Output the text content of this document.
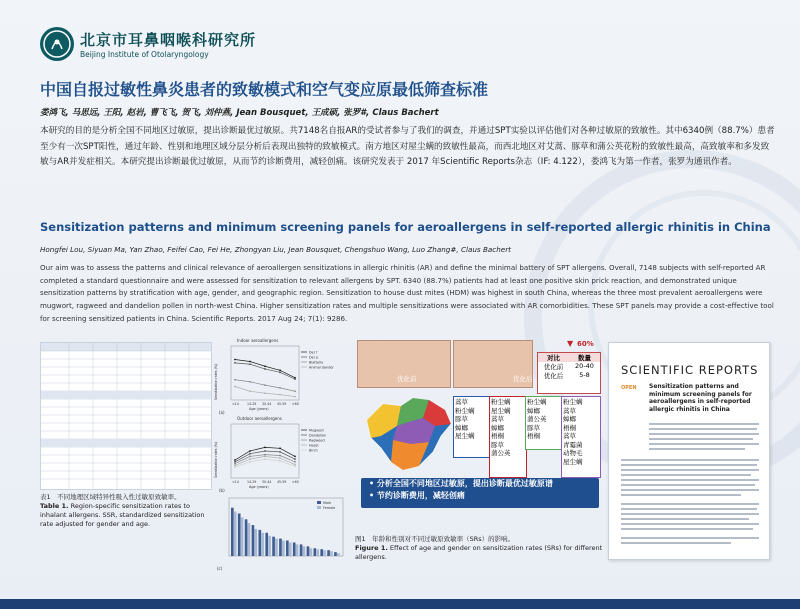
北京市耳鼻咽喉科研究所
Beijing Institute of Otolaryngology
中国自报过敏性鼻炎患者的致敏模式和空气变应原最低筛查标准
娄鸿飞, 马思远, 王阳, 赵岩, 曹飞飞, 贺飞, 刘仲燕, Jean Bousquet, 王成硕, 张罗#, Claus Bachert
本研究的目的是分析全国不同地区过敏原，提出诊断最优过敏原。共7148名自报AR的受试者参与了我们的调查，并通过SPT实验以评估他们对各种过敏原的致敏性。其中6340例（88.7%）患者至少有一次SPT阳性，通过年龄、性别和地理区域分层分析后表现出独特的致敏模式。南方地区对屋尘螨的致敏性最高，而西北地区对艾蒿、豚草和蒲公英花粉的致敏性最高，高致敏率和多发致敏与AR并发症相关。本研究提出诊断最优过敏原，从而节约诊断费用，减轻创痛。该研究发表于 2017 年Scientific Reports杂志（IF: 4.122），娄鸿飞为第一作者，张罗为通讯作者。
Sensitization patterns and minimum screening panels for aeroallergens in self-reported allergic rhinitis in China
Hongfei Lou, Siyuan Ma, Yan Zhao, Feifei Cao, Fei He, Zhongyan Liu, Jean Bousquet, Chengshuo Wang, Luo Zhang#, Claus Bachert
Our aim was to assess the patterns and clinical relevance of aeroallergen sensitizations in allergic rhinitis (AR) and define the minimal battery of SPT allergens. Overall, 7148 subjects with self-reported AR completed a standard questionnaire and were assessed for sensitization to relevant allergens by SPT. 6340 (88.7%) patients had at least one positive skin prick reaction, and demonstrated unique sensitization patterns by stratification with age, gender, and geographic region. Sensitization to house dust mites (HDM) was highest in south China, whereas the three most prevalent aeroallergens were mugwort, ragweed and dandelion pollen in north-west China. Higher sensitization rates and multiple sensitizations were associated with AR comorbidities. These SPT panels may provide a cost-effective tool for screening sensitized patients in China. Scientific Reports. 2017 Aug 24; 7(1): 9286.
表1　不同地理区域特异性吸入性过敏原致敏率。
Table 1. Region-specific sensitization rates to inhalant allergens. SSR, standardized sensitization rate adjusted for gender and age.
Indoor aeroallergens
<14	14-29 30-44 45-59 >60
Age (years)
Sensitization rates (%)
(a)
Der f
Der p
Blattella
Animal dander
Outdoor aeroallergens
<14	14-29 30-44 45-59 >60
Age (years)
Sensitization rates (%)
(b)
Mugwort
Dandelion
Ragweed
Hazel
Birch
Male
Female
(c)
优化前	优化后
对比	数量
优化前	20-40
优化后	5-8
60%
▼
蒿草
粉尘螨
豚草
蟑螂
屋尘螨
粉尘螨
屋尘螨
蒿草
蟑螂
梧桐
豚草
蒲公英
粉尘螨
蟑螂
蒲公英
豚草
梧桐
粉尘螨
蒿草
蟑螂
梧桐
蒿草
青霉菌
动物毛
屋尘螨
• 分析全国不同地区过敏原，提出诊断最优过敏原谱
• 节约诊断费用，减轻创痛
图1　年龄和性别对不同过敏原致敏率（SRs）的影响。
Figure 1. Effect of age and gender on sensitization rates (SRs) for different allergens.
SCIENTIFIC REPORTS
OPEN Sensitization patterns and minimum screening panels for aeroallergens in self-reported allergic rhinitis in China
